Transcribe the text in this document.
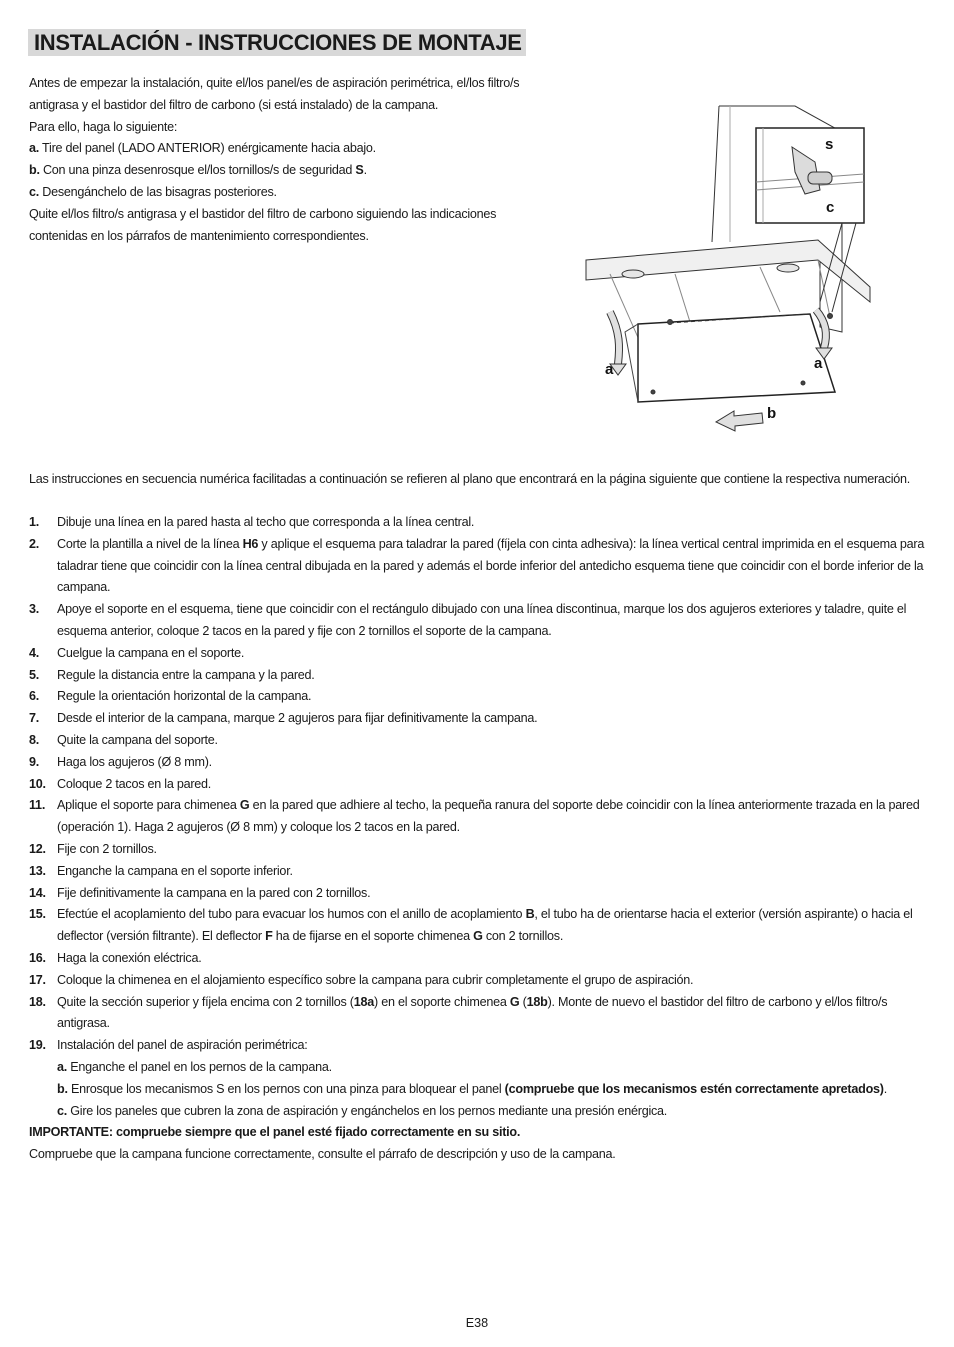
INSTALACIÓN - INSTRUCCIONES DE MONTAJE
Antes de empezar la instalación, quite el/los panel/es de aspiración perimétrica, el/los filtro/s
antigrasa y el bastidor del filtro de carbono (si está instalado) de la campana.
Para ello, haga lo siguiente:
a. Tire del panel (LADO ANTERIOR) enérgicamente hacia abajo.
b. Con una pinza desenrosque el/los tornillos/s de seguridad S.
c. Desengánchelo de las bisagras posteriores.
Quite el/los filtro/s antigrasa y el bastidor del filtro de carbono siguiendo las indicaciones
contenidas en los párrafos de mantenimiento correspondientes.
s
c
a	a
b
Las instrucciones en secuencia numérica facilitadas a continuación se refieren al plano que encontrará en la página siguiente que contiene la respectiva numeración.
1.	Dibuje una línea en la pared hasta al techo que corresponda a la línea central.
2.	Corte la plantilla a nivel de la línea H6 y aplique el esquema para taladrar la pared (fíjela con cinta adhesiva): la línea vertical central imprimida en el esquema para taladrar tiene que coincidir con la línea central dibujada en la pared y además el borde inferior del antedicho esquema tiene que coincidir con el borde inferior de la campana.
3.	Apoye el soporte en el esquema, tiene que coincidir con el rectángulo dibujado con una línea discontinua, marque los dos agujeros exteriores y taladre, quite el esquema anterior, coloque 2 tacos en la pared y fije con 2 tornillos el soporte de la campana.
4.	Cuelgue la campana en el soporte.
5.	Regule la distancia entre la campana y la pared.
6.	Regule la orientación horizontal de la campana.
7.	Desde el interior de la campana, marque 2 agujeros para fijar definitivamente la campana.
8.	Quite la campana del soporte.
9.	Haga los agujeros (Ø 8 mm).
10. Coloque 2 tacos en la pared.
11. Aplique el soporte para chimenea G en la pared que adhiere al techo, la pequeña ranura del soporte debe coincidir con la línea anteriormente trazada en la pared (operación 1). Haga 2 agujeros (Ø 8 mm) y coloque los 2 tacos en la pared.
12. Fije con 2 tornillos.
13. Enganche la campana en el soporte inferior.
14. Fije definitivamente la campana en la pared con 2 tornillos.
15. Efectúe el acoplamiento del tubo para evacuar los humos con el anillo de acoplamiento B, el tubo ha de orientarse hacia el exterior (versión aspirante) o hacia el deflector (versión filtrante). El deflector F ha de fijarse en el soporte chimenea G con 2 tornillos.
16. Haga la conexión eléctrica.
17. Coloque la chimenea en el alojamiento específico sobre la campana para cubrir completamente el grupo de aspiración.
18. Quite la sección superior y fíjela encima con 2 tornillos (18a) en el soporte chimenea G (18b). Monte de nuevo el bastidor del filtro de carbono y el/los filtro/s antigrasa.
19. Instalación del panel de aspiración perimétrica:
a. Enganche el panel en los pernos de la campana.
b. Enrosque los mecanismos S en los pernos con una pinza para bloquear el panel (compruebe que los mecanismos estén correctamente apretados).
c. Gire los paneles que cubren la zona de aspiración y engánchelos en los pernos mediante una presión enérgica.
IMPORTANTE: compruebe siempre que el panel esté fijado correctamente en su sitio.
Compruebe que la campana funcione correctamente, consulte el párrafo de descripción y uso de la campana.
E38
